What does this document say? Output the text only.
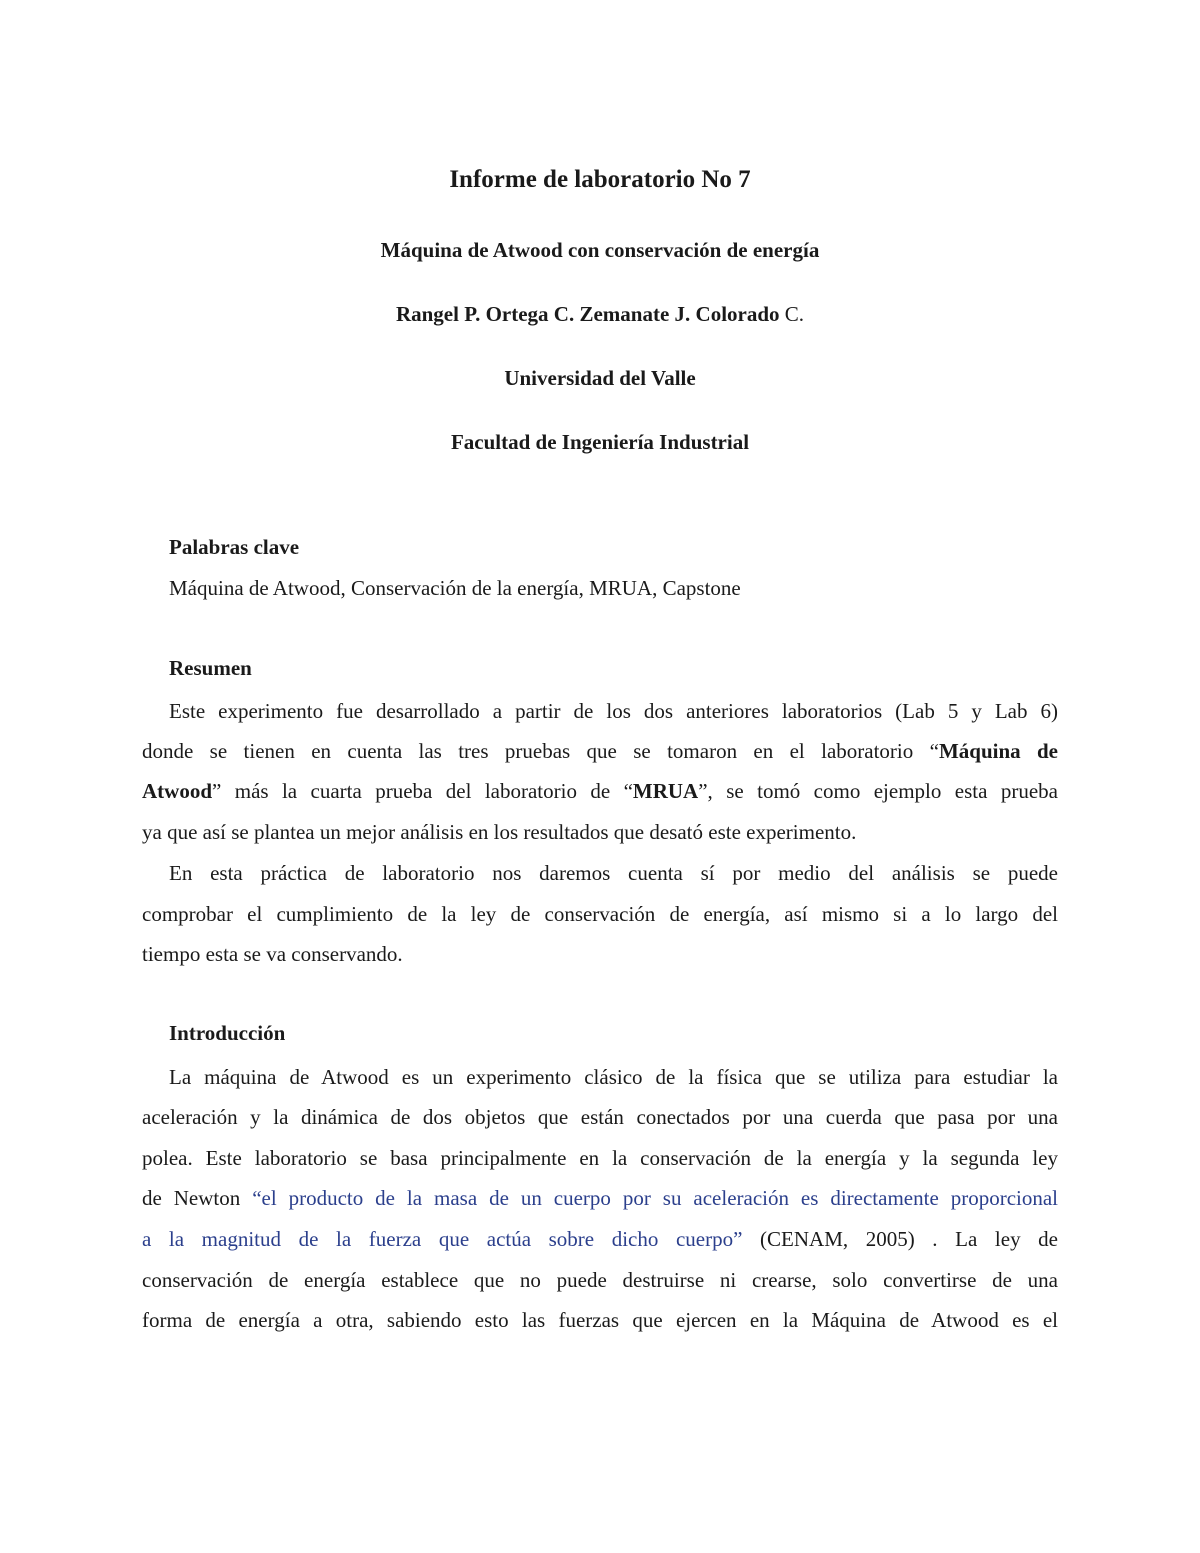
Informe de laboratorio No 7
Máquina de Atwood con conservación de energía
Rangel P. Ortega C. Zemanate J. Colorado C.
Universidad del Valle
Facultad de Ingeniería Industrial
Palabras clave
Máquina de Atwood, Conservación de la energía, MRUA, Capstone
Resumen
Este experimento fue desarrollado a partir de los dos anteriores laboratorios (Lab 5 y Lab 6)
donde se tienen en cuenta las tres pruebas que se tomaron en el laboratorio “Máquina de
Atwood” más la cuarta prueba del laboratorio de “MRUA”, se tomó como ejemplo esta prueba
ya que así se plantea un mejor análisis en los resultados que desató este experimento.
En esta práctica de laboratorio nos daremos cuenta sí por medio del análisis se puede
comprobar el cumplimiento de la ley de conservación de energía, así mismo si a lo largo del
tiempo esta se va conservando.
Introducción
La máquina de Atwood es un experimento clásico de la física que se utiliza para estudiar la
aceleración y la dinámica de dos objetos que están conectados por una cuerda que pasa por una
polea. Este laboratorio se basa principalmente en la conservación de la energía y la segunda ley
de Newton “el producto de la masa de un cuerpo por su aceleración es directamente proporcional
a la magnitud de la fuerza que actúa sobre dicho cuerpo” (CENAM, 2005) . La ley de
conservación de energía establece que no puede destruirse ni crearse, solo convertirse de una
forma de energía a otra, sabiendo esto las fuerzas que ejercen en la Máquina de Atwood es el
